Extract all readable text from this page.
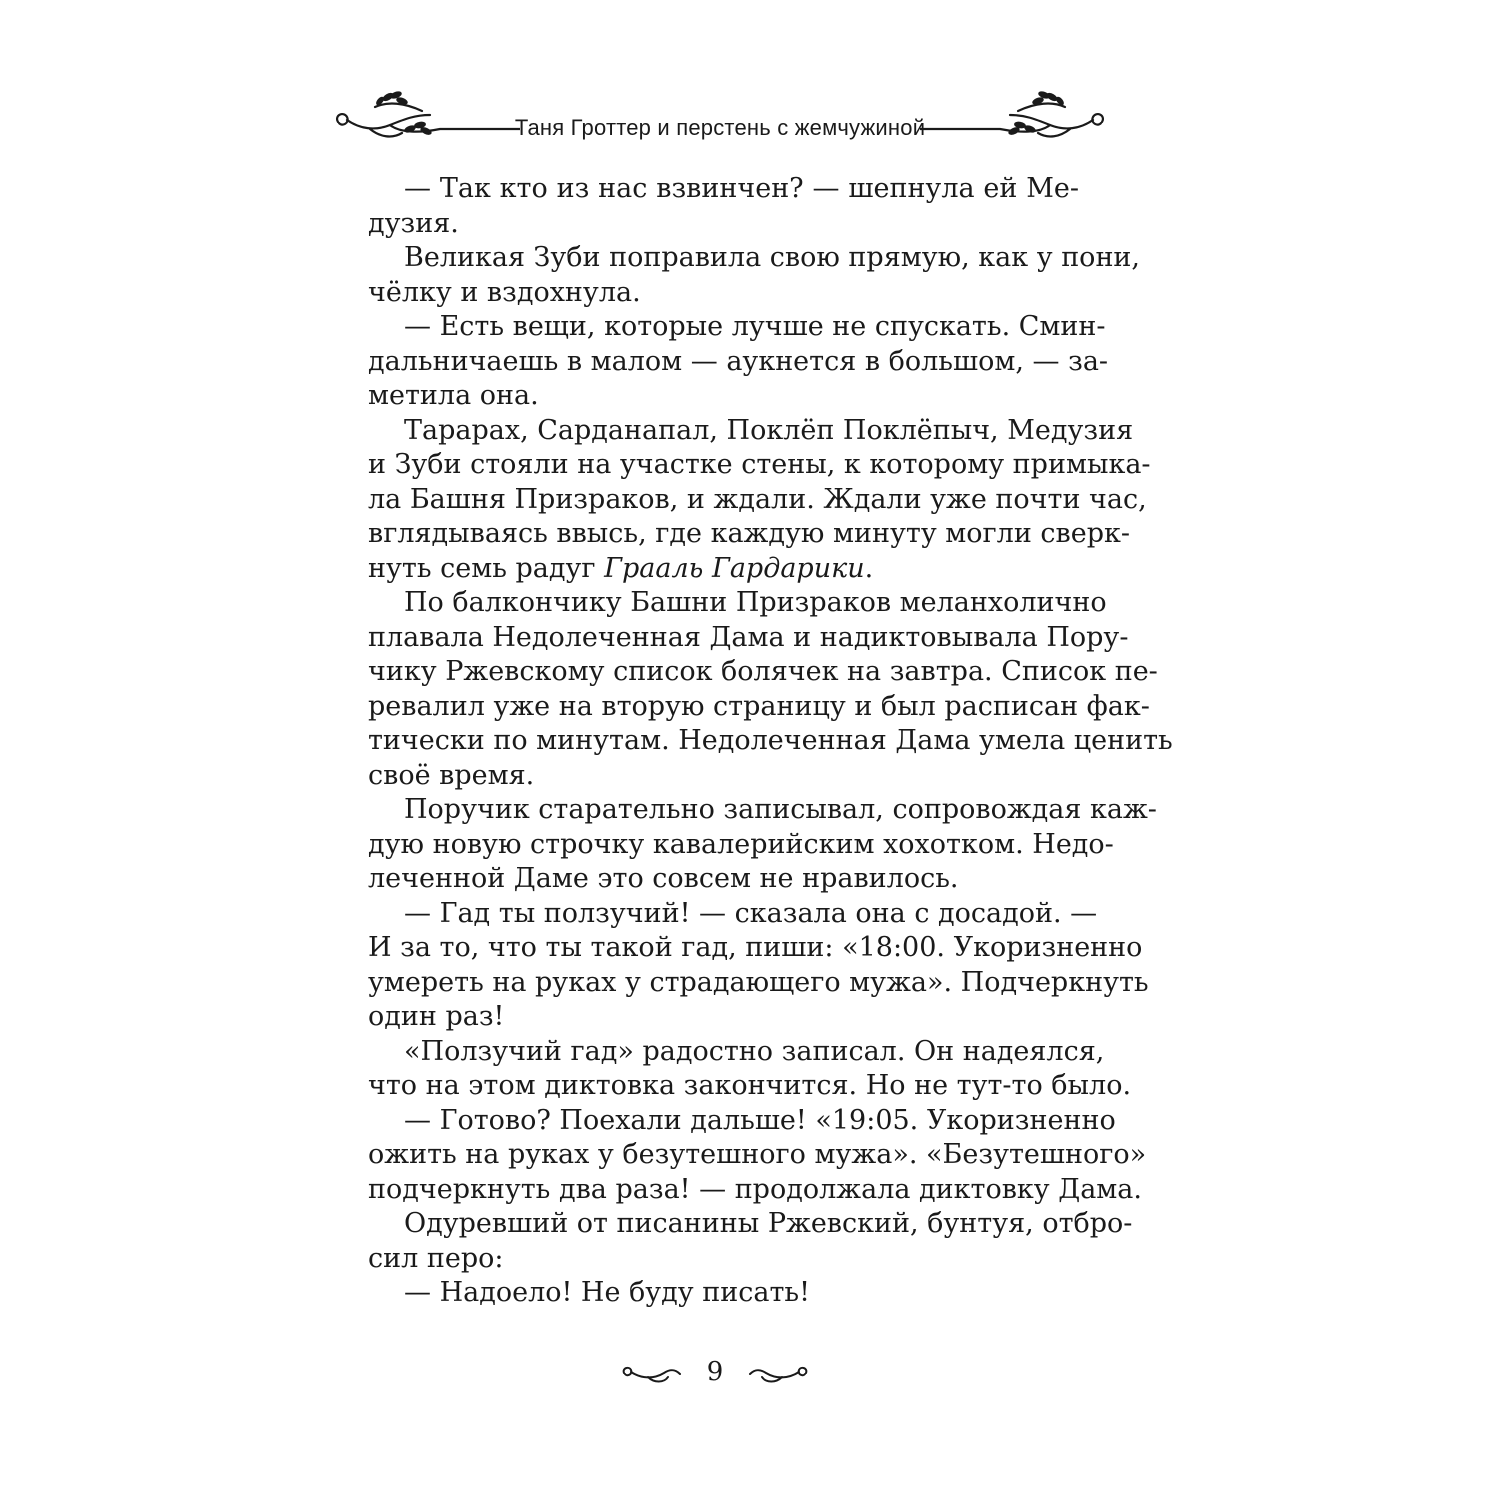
Таня Гроттер и перстень с жемчужиной
— Так кто из нас взвинчен? — шепнула ей Ме-
дузия.
Великая Зуби поправила свою прямую, как у пони,
чёлку и вздохнула.
— Есть вещи, которые лучше не спускать. Смин-
дальничаешь в малом — аукнется в большом, — за-
метила она.
Тарарах, Сарданапал, Поклёп Поклёпыч, Медузия
и Зуби стояли на участке стены, к которому примыка-
ла Башня Призраков, и ждали. Ждали уже почти час,
вглядываясь ввысь, где каждую минуту могли сверк-
нуть семь радуг Грааль Гардарики.
По балкончику Башни Призраков меланхолично
плавала Недолеченная Дама и надиктовывала Пору-
чику Ржевскому список болячек на завтра. Список пе-
ревалил уже на вторую страницу и был расписан фак-
тически по минутам. Недолеченная Дама умела ценить
своё время.
Поручик старательно записывал, сопровождая каж-
дую новую строчку кавалерийским хохотком. Недо-
леченной Даме это совсем не нравилось.
— Гад ты ползучий! — сказала она с досадой. —
И за то, что ты такой гад, пиши: «18:00. Укоризненно
умереть на руках у страдающего мужа». Подчеркнуть
один раз!
«Ползучий гад» радостно записал. Он надеялся,
что на этом диктовка закончится. Но не тут-то было.
— Готово? Поехали дальше! «19:05. Укоризненно
ожить на руках у безутешного мужа». «Безутешного»
подчеркнуть два раза! — продолжала диктовку Дама.
Одуревший от писанины Ржевский, бунтуя, отбро-
сил перо:
— Надоело! Не буду писать!
9
